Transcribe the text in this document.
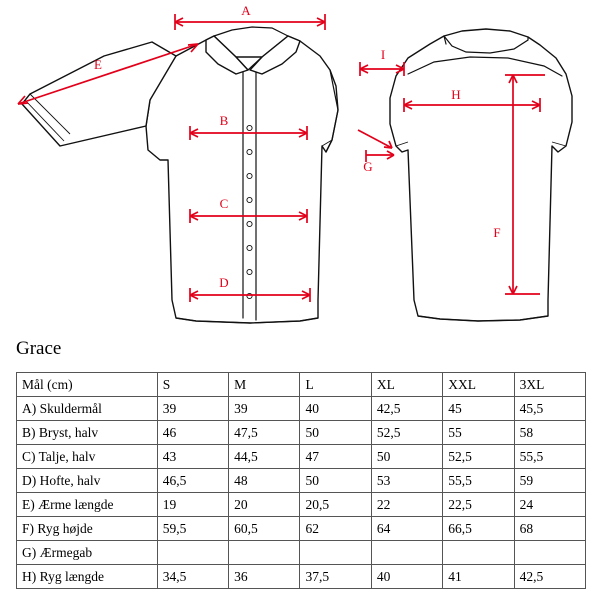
A
E
B
C
D
I
G
H
F
Grace
Mål (cm)	S	M	L	XL	XXL	3XL
A) Skuldermål	39	39	40	42,5	45	45,5
B) Bryst, halv	46	47,5	50	52,5	55	58
C) Talje, halv	43	44,5	47	50	52,5	55,5
D) Hofte, halv	46,5	48	50	53	55,5	59
E) Ærme længde	19	20	20,5	22	22,5	24
F) Ryg højde	59,5	60,5	62	64	66,5	68
G) Ærmegab						
H) Ryg længde	34,5	36	37,5	40	41	42,5
